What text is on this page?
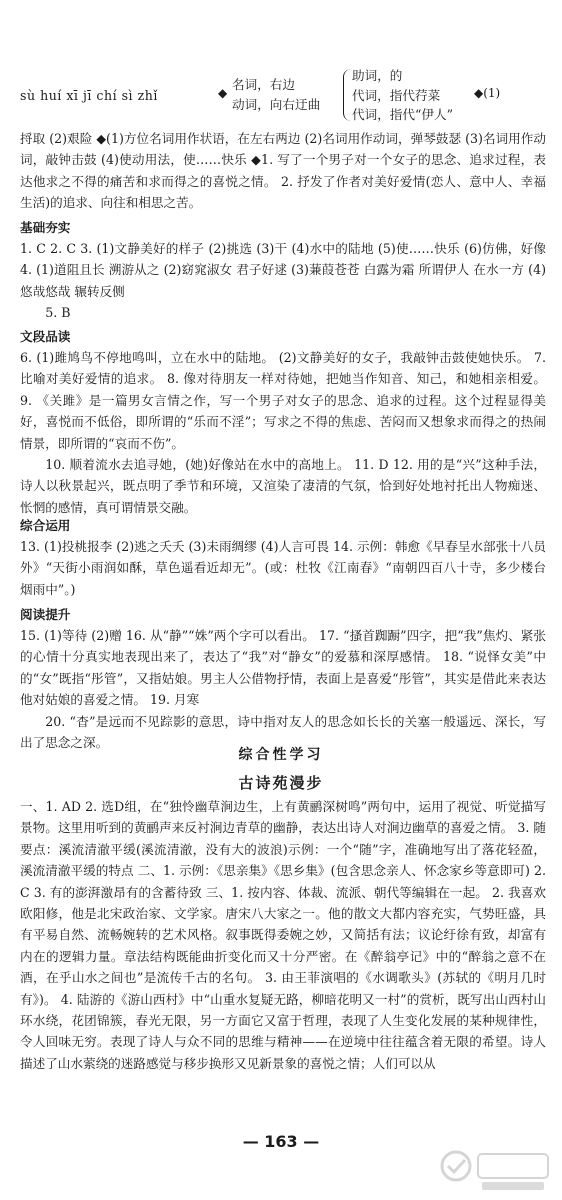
sù huí xī jī chí sì zhǐ	◆
名词，右边
动词，向右迂曲
助词，的
代词，指代荇菜
代词，指代“伊人”
◆(1)

捋取 (2)艰险 ◆(1)方位名词用作状语，在左右两边 (2)名词用作动词，弹琴鼓瑟 (3)名词用作动词，敲钟击鼓 (4)使动用法，使……快乐 ◆1. 写了一个男子对一个女子的思念、追求过程，表达他求之不得的痛苦和求而得之的喜悦之情。 2. 抒发了作者对美好爱情(恋人、意中人、幸福生活)的追求、向往和相思之苦。

基础夯实

1. C 2. C 3. (1)文静美好的样子 (2)挑选 (3)干 (4)水中的陆地 (5)使……快乐 (6)仿佛，好像 4. (1)道阻且长 溯游从之 (2)窈窕淑女 君子好逑 (3)蒹葭苍苍 白露为霜 所谓伊人 在水一方 (4)悠哉悠哉 辗转反侧

5. B

文段品读

6. (1)雎鸠鸟不停地鸣叫，立在水中的陆地。 (2)文静美好的女子，我敲钟击鼓使她快乐。 7. 比喻对美好爱情的追求。 8. 像对待朋友一样对待她，把她当作知音、知己，和她相亲相爱。 9. 《关雎》是一篇男女言情之作，写一个男子对女子的思念、追求的过程。这个过程显得美好，喜悦而不低俗，即所谓的“乐而不淫”；写求之不得的焦虑、苦闷而又想象求而得之的热闹情景，即所谓的“哀而不伤”。

10. 顺着流水去追寻她，(她)好像站在水中的高地上。 11. D 12. 用的是“兴”这种手法，诗人以秋景起兴，既点明了季节和环境，又渲染了凄清的气氛，恰到好处地衬托出人物痴迷、怅惘的感情，真可谓情景交融。

综合运用

13. (1)投桃报李 (2)逃之夭夭 (3)未雨绸缪 (4)人言可畏 14. 示例：韩愈《早春呈水部张十八员外》“天街小雨润如酥，草色遥看近却无”。(或：杜牧《江南春》“南朝四百八十寺，多少楼台烟雨中”。)

阅读提升

15. (1)等待 (2)赠 16. 从“静”“姝”两个字可以看出。 17. “搔首踟蹰”四字，把“我”焦灼、紧张的心情十分真实地表现出来了，表达了“我”对“静女”的爱慕和深厚感情。 18. “说怿女美”中的“女”既指“彤管”，又指姑娘。男主人公借物抒情，表面上是喜爱“彤管”，其实是借此来表达他对姑娘的喜爱之情。 19. 月寒

20. “杳”是远而不见踪影的意思，诗中指对友人的思念如长长的关塞一般遥远、深长，写出了思念之深。

综合性学习
古诗苑漫步

一、1. AD 2. 选D组，在“独怜幽草涧边生，上有黄鹂深树鸣”两句中，运用了视觉、听觉描写景物。这里用听到的黄鹂声来反衬涧边青草的幽静，表达出诗人对涧边幽草的喜爱之情。 3. 随 要点：溪流清澈平缓(溪流清澈，没有大的波浪)示例：一个“随”字，准确地写出了落花轻盈，溪流清澈平缓的特点 二、1. 示例：《思亲集》《思乡集》(包含思念亲人、怀念家乡等意即可) 2. C 3. 有的澎湃激昂有的含蓄待致 三、1. 按内容、体裁、流派、朝代等编辑在一起。 2. 我喜欢欧阳修，他是北宋政治家、文学家。唐宋八大家之一。他的散文大都内容充实，气势旺盛，具有平易自然、流畅婉转的艺术风格。叙事既得委婉之妙，又简括有法；议论纡徐有致，却富有内在的逻辑力量。章法结构既能曲折变化而又十分严密。在《醉翁亭记》中的“醉翁之意不在酒，在乎山水之间也”是流传千古的名句。 3. 由王菲演唱的《水调歌头》(苏轼的《明月几时有》)。 4. 陆游的《游山西村》中“山重水复疑无路，柳暗花明又一村”的赏析，既写出山西村山环水绕，花团锦簇，春光无限，另一方面它又富于哲理，表现了人生变化发展的某种规律性，令人回味无穷。表现了诗人与众不同的思维与精神——在逆境中往往蕴含着无限的希望。诗人描述了山水萦绕的迷路感觉与移步换形又见新景象的喜悦之情；人们可以从

— 163 —
